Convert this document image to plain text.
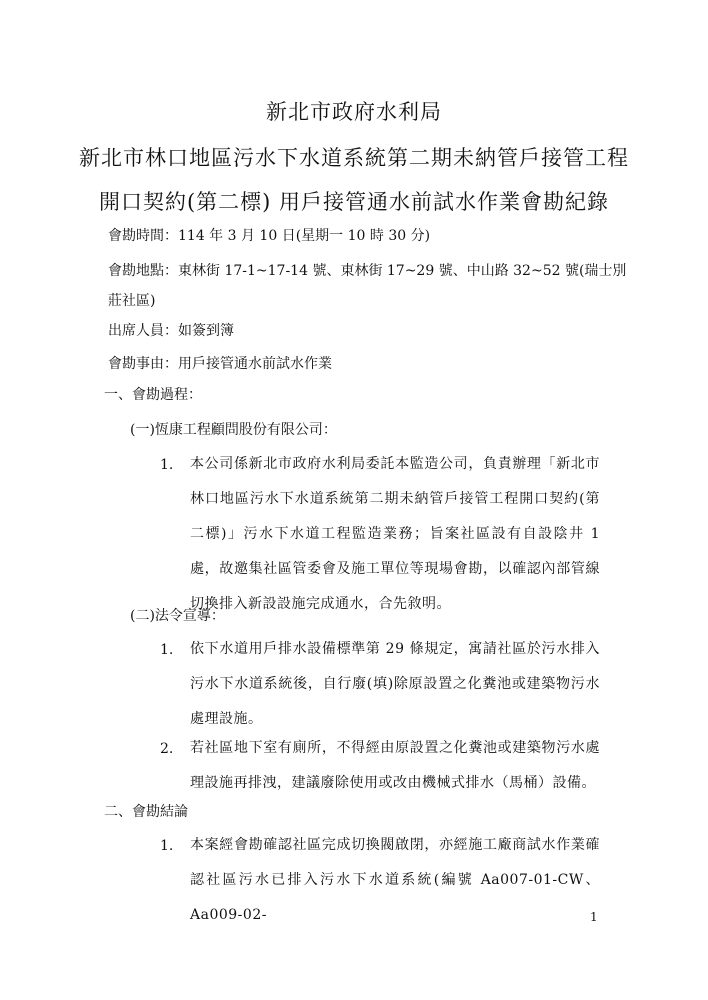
新北市政府水利局
新北市林口地區污水下水道系統第二期未納管戶接管工程
開口契約(第二標) 用戶接管通水前試水作業會勘紀錄
會勘時間：114 年 3 月 10 日(星期一 10 時 30 分)
會勘地點：東林街 17-1~17-14 號、東林街 17~29 號、中山路 32~52 號(瑞士別
莊社區)
出席人員：如簽到簿
會勘事由：用戶接管通水前試水作業
一、會勘過程：
(一)恆康工程顧問股份有限公司：
1. 本公司係新北市政府水利局委託本監造公司，負責辦理「新北市林口地區污水下水道系統第二期未納管戶接管工程開口契約(第二標)」污水下水道工程監造業務；旨案社區設有自設陰井 1 處，故邀集社區管委會及施工單位等現場會勘，以確認內部管線切換排入新設設施完成通水，合先敘明。
(二)法令宣導：
1. 依下水道用戶排水設備標準第 29 條規定，寓請社區於污水排入污水下水道系統後，自行廢(填)除原設置之化糞池或建築物污水處理設施。
2. 若社區地下室有廁所，不得經由原設置之化糞池或建築物污水處理設施再排洩，建議廢除使用或改由機械式排水（馬桶）設備。
二、會勘結論
1. 本案經會勘確認社區完成切換閥啟閉，亦經施工廠商試水作業確認社區污水已排入污水下水道系統(編號 Aa007-01-CW、Aa009-02-	1
